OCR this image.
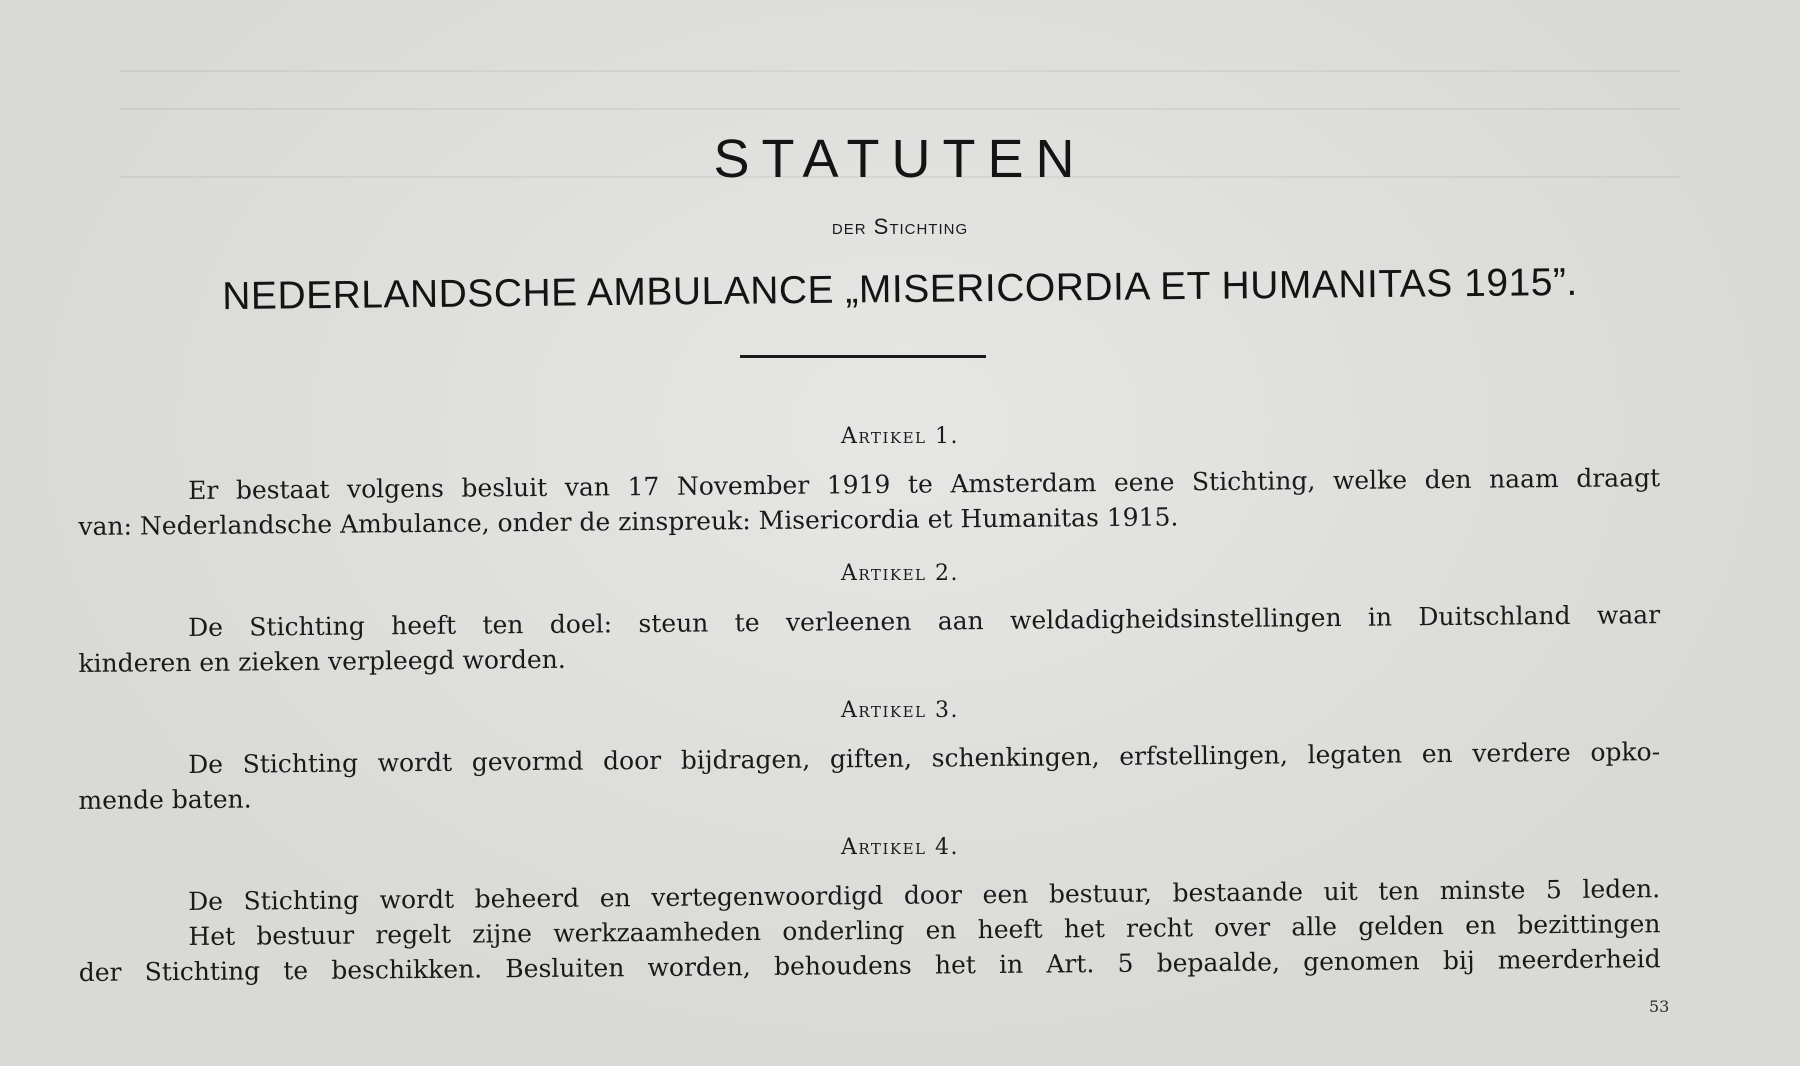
STATUTEN
der Stichting
NEDERLANDSCHE AMBULANCE „MISERICORDIA ET HUMANITAS 1915”.
Artikel 1.
Er bestaat volgens besluit van 17 November 1919 te Amsterdam eene Stichting, welke den naam draagt
van: Nederlandsche Ambulance, onder de zinspreuk: Misericordia et Humanitas 1915.
Artikel 2.
De Stichting heeft ten doel: steun te verleenen aan weldadigheidsinstellingen in Duitschland waar
kinderen en zieken verpleegd worden.
Artikel 3.
De Stichting wordt gevormd door bijdragen, giften, schenkingen, erfstellingen, legaten en verdere opko-
mende baten.
Artikel 4.
De Stichting wordt beheerd en vertegenwoordigd door een bestuur, bestaande uit ten minste 5 leden.
Het bestuur regelt zijne werkzaamheden onderling en heeft het recht over alle gelden en bezittingen
der Stichting te beschikken. Besluiten worden, behoudens het in Art. 5 bepaalde, genomen bij meerderheid
53
